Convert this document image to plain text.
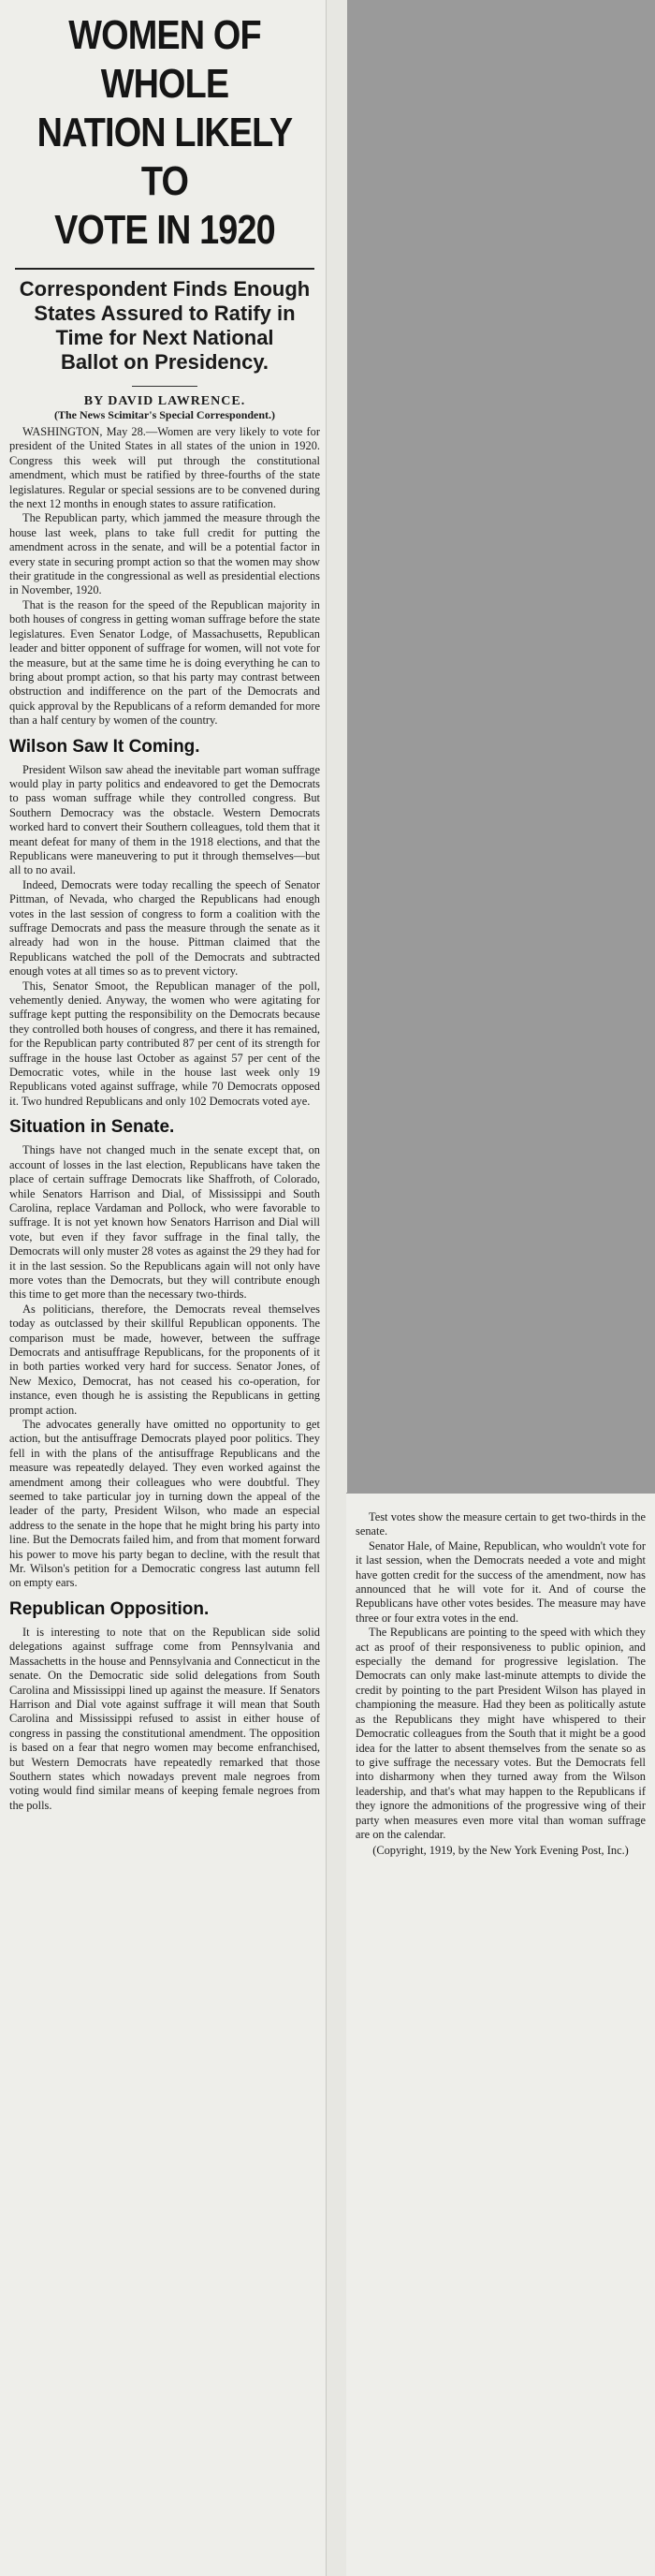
WOMEN OF WHOLE
NATION LIKELY TO
VOTE IN 1920
Correspondent Finds Enough
States Assured to Ratify in
Time for Next National
Ballot on Presidency.
BY DAVID LAWRENCE.
(The News Scimitar's Special Correspondent.)

WASHINGTON, May 28.—Women are very likely to vote for president of the United States in all states of the union in 1920. Congress this week will put through the constitutional amendment, which must be ratified by three-fourths of the state legislatures. Regular or special sessions are to be convened during the next 12 months in enough states to assure ratification.

The Republican party, which jammed the measure through the house last week, plans to take full credit for putting the amendment across in the senate, and will be a potential factor in every state in securing prompt action so that the women may show their gratitude in the congressional as well as presidential elections in November, 1920.

That is the reason for the speed of the Republican majority in both houses of congress in getting woman suffrage before the state legislatures. Even Senator Lodge, of Massachusetts, Republican leader and bitter opponent of suffrage for women, will not vote for the measure, but at the same time he is doing everything he can to bring about prompt action, so that his party may contrast between obstruction and indifference on the part of the Democrats and quick approval by the Republicans of a reform demanded for more than a half century by women of the country.

Wilson Saw It Coming.

President Wilson saw ahead the inevitable part woman suffrage would play in party politics and endeavored to get the Democrats to pass woman suffrage while they controlled congress. But Southern Democracy was the obstacle. Western Democrats worked hard to convert their Southern colleagues, told them that it meant defeat for many of them in the 1918 elections, and that the Republicans were maneuvering to put it through themselves—but all to no avail.

Indeed, Democrats were today recalling the speech of Senator Pittman, of Nevada, who charged the Republicans had enough votes in the last session of congress to form a coalition with the suffrage Democrats and pass the measure through the senate as it already had won in the house. Pittman claimed that the Republicans watched the poll of the Democrats and subtracted enough votes at all times so as to prevent victory.

This, Senator Smoot, the Republican manager of the poll, vehemently denied. Anyway, the women who were agitating for suffrage kept putting the responsibility on the Democrats because they controlled both houses of congress, and there it has remained, for the Republican party contributed 87 per cent of its strength for suffrage in the house last October as against 57 per cent of the Democratic votes, while in the house last week only 19 Republicans voted against suffrage, while 70 Democrats opposed it. Two hundred Republicans and only 102 Democrats voted aye.

Situation in Senate.

Things have not changed much in the senate except that, on account of losses in the last election, Republicans have taken the place of certain suffrage Democrats like Shaffroth, of Colorado, while Senators Harrison and Dial, of Mississippi and South Carolina, replace Vardaman and Pollock, who were favorable to suffrage. It is not yet known how Senators Harrison and Dial will vote, but even if they favor suffrage in the final tally, the Democrats will only muster 28 votes as against the 29 they had for it in the last session. So the Republicans again will not only have more votes than the Democrats, but they will contribute enough this time to get more than the necessary two-thirds.

As politicians, therefore, the Democrats reveal themselves today as outclassed by their skillful Republican opponents. The comparison must be made, however, between the suffrage Democrats and antisuffrage Republicans, for the proponents of it in both parties worked very hard for success. Senator Jones, of New Mexico, Democrat, has not ceased his co-operation, for instance, even though he is assisting the Republicans in getting prompt action.

The advocates generally have omitted no opportunity to get action, but the antisuffrage Democrats played poor politics. They fell in with the plans of the antisuffrage Republicans and the measure was repeatedly delayed. They even worked against the amendment among their colleagues who were doubtful. They seemed to take particular joy in turning down the appeal of the leader of the party, President Wilson, who made an especial address to the senate in the hope that he might bring his party into line. But the Democrats failed him, and from that moment forward his power to move his party began to decline, with the result that Mr. Wilson's petition for a Democratic congress last autumn fell on empty ears.

Republican Opposition.

It is interesting to note that on the Republican side solid delegations against suffrage come from Pennsylvania and Massachetts in the house and Pennsylvania and Connecticut in the senate. On the Democratic side solid delegations from South Carolina and Mississippi lined up against the measure. If Senators Harrison and Dial vote against suffrage it will mean that South Carolina and Mississippi refused to assist in either house of congress in passing the constitutional amendment. The opposition is based on a fear that negro women may become enfranchised, but Western Democrats have repeatedly remarked that those Southern states which nowadays prevent male negroes from voting would find similar means of keeping female negroes from the polls.

Test votes show the measure certain to get two-thirds in the senate.

Senator Hale, of Maine, Republican, who wouldn't vote for it last session, when the Democrats needed a vote and might have gotten credit for the success of the amendment, now has announced that he will vote for it. And of course the Republicans have other votes besides. The measure may have three or four extra votes in the end.

The Republicans are pointing to the speed with which they act as proof of their responsiveness to public opinion, and especially the demand for progressive legislation. The Democrats can only make last-minute attempts to divide the credit by pointing to the part President Wilson has played in championing the measure. Had they been as politically astute as the Republicans they might have whispered to their Democratic colleagues from the South that it might be a good idea for the latter to absent themselves from the senate so as to give suffrage the necessary votes. But the Democrats fell into disharmony when they turned away from the Wilson leadership, and that's what may happen to the Republicans if they ignore the admonitions of the progressive wing of their party when measures even more vital than woman suffrage are on the calendar.

(Copyright, 1919, by the New York Evening Post, Inc.)
